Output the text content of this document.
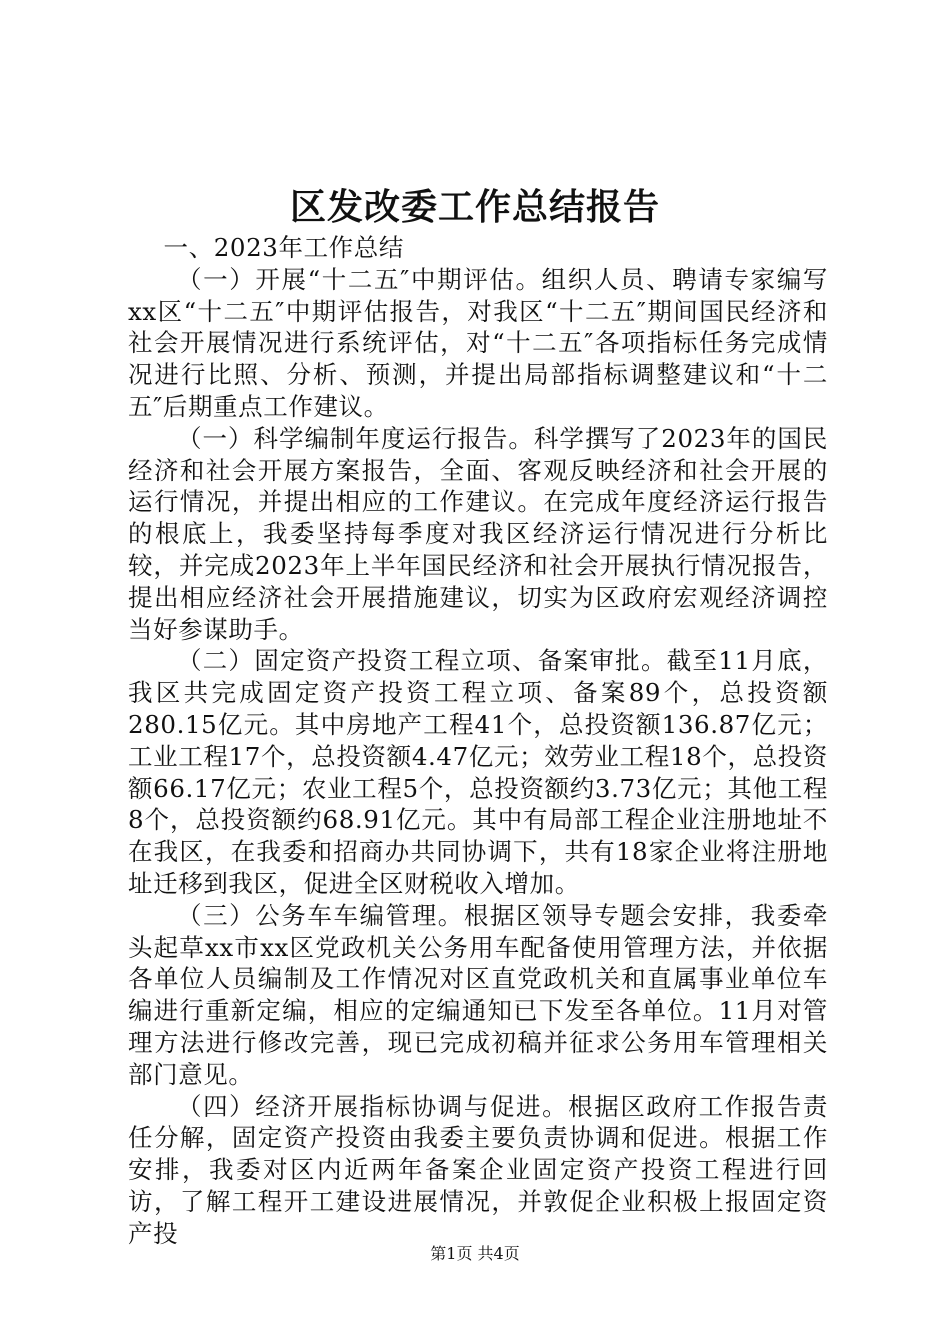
区发改委工作总结报告

一、2023年工作总结

（一）开展“十二五″中期评估。组织人员、聘请专家编写xx区“十二五″中期评估报告，对我区“十二五″期间国民经济和社会开展情况进行系统评估，对“十二五″各项指标任务完成情况进行比照、分析、预测，并提出局部指标调整建议和“十二五″后期重点工作建议。

（一）科学编制年度运行报告。科学撰写了2023年的国民经济和社会开展方案报告，全面、客观反映经济和社会开展的运行情况，并提出相应的工作建议。在完成年度经济运行报告的根底上，我委坚持每季度对我区经济运行情况进行分析比较，并完成2023年上半年国民经济和社会开展执行情况报告，提出相应经济社会开展措施建议，切实为区政府宏观经济调控当好参谋助手。

（二）固定资产投资工程立项、备案审批。截至11月底，我区共完成固定资产投资工程立项、备案89个，总投资额280.15亿元。其中房地产工程41个，总投资额136.87亿元；工业工程17个，总投资额4.47亿元；效劳业工程18个，总投资额66.17亿元；农业工程5个，总投资额约3.73亿元；其他工程8个，总投资额约68.91亿元。其中有局部工程企业注册地址不在我区，在我委和招商办共同协调下，共有18家企业将注册地址迁移到我区，促进全区财税收入增加。

（三）公务车车编管理。根据区领导专题会安排，我委牵头起草xx市xx区党政机关公务用车配备使用管理方法，并依据各单位人员编制及工作情况对区直党政机关和直属事业单位车编进行重新定编，相应的定编通知已下发至各单位。11月对管理方法进行修改完善，现已完成初稿并征求公务用车管理相关部门意见。

（四）经济开展指标协调与促进。根据区政府工作报告责任分解，固定资产投资由我委主要负责协调和促进。根据工作安排，我委对区内近两年备案企业固定资产投资工程进行回访，了解工程开工建设进展情况，并敦促企业积极上报固定资产投

第1页 共4页
